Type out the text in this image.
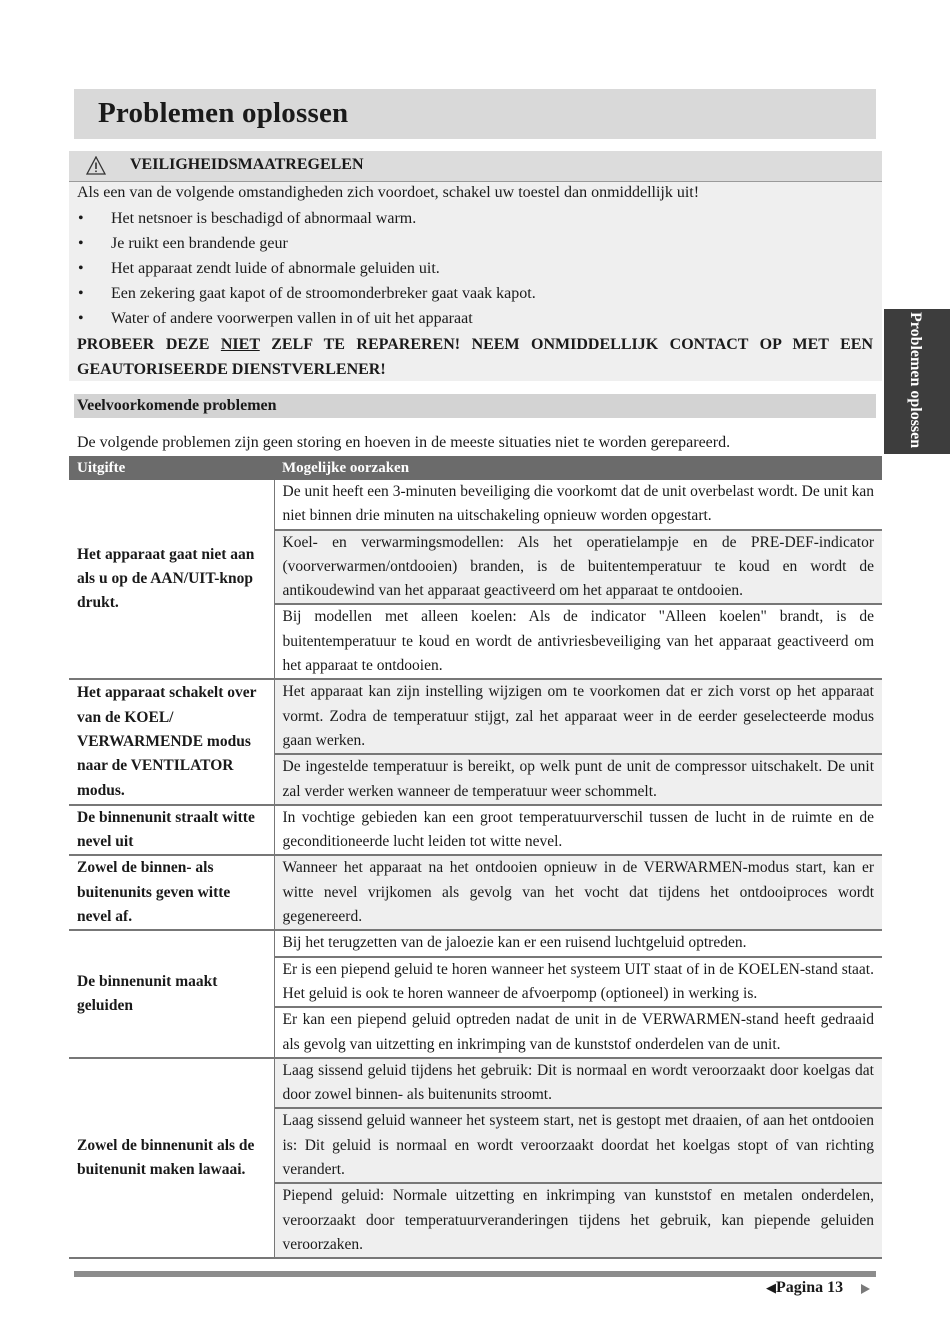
Problemen oplossen
VEILIGHEIDSMAATREGELEN
Als een van de volgende omstandigheden zich voordoet, schakel uw toestel dan onmiddellijk uit!
• Het netsnoer is beschadigd of abnormaal warm.
• Je ruikt een brandende geur
• Het apparaat zendt luide of abnormale geluiden uit.
• Een zekering gaat kapot of de stroomonderbreker gaat vaak kapot.
• Water of andere voorwerpen vallen in of uit het apparaat
PROBEER DEZE NIET ZELF TE REPAREREN! NEEM ONMIDDELLIJK CONTACT OP MET EEN GEAUTORISEERDE DIENSTVERLENER!
Veelvoorkomende problemen
De volgende problemen zijn geen storing en hoeven in de meeste situaties niet te worden gerepareerd.
Uitgifte	Mogelijke oorzaken
Het apparaat gaat niet aan als u op de AAN/UIT-knop drukt.	De unit heeft een 3-minuten beveiliging die voorkomt dat de unit overbelast wordt. De unit kan niet binnen drie minuten na uitschakeling opnieuw worden opgestart.
	Koel- en verwarmingsmodellen: Als het operatielampje en de PRE-DEF-indicator (voorverwarmen/ontdooien) branden, is de buitentemperatuur te koud en wordt de antikoudewind van het apparaat geactiveerd om het apparaat te ontdooien.
	Bij modellen met alleen koelen: Als de indicator "Alleen koelen" brandt, is de buitentemperatuur te koud en wordt de antivriesbeveiliging van het apparaat geactiveerd om het apparaat te ontdooien.
Het apparaat schakelt over van de KOEL/ VERWARMENDE modus naar de VENTILATOR modus.	Het apparaat kan zijn instelling wijzigen om te voorkomen dat er zich vorst op het apparaat vormt. Zodra de temperatuur stijgt, zal het apparaat weer in de eerder geselecteerde modus gaan werken.
	De ingestelde temperatuur is bereikt, op welk punt de unit de compressor uitschakelt. De unit zal verder werken wanneer de temperatuur weer schommelt.
De binnenunit straalt witte nevel uit	In vochtige gebieden kan een groot temperatuurverschil tussen de lucht in de ruimte en de geconditioneerde lucht leiden tot witte nevel.
Zowel de binnen- als buitenunits geven witte nevel af.	Wanneer het apparaat na het ontdooien opnieuw in de VERWARMEN-modus start, kan er witte nevel vrijkomen als gevolg van het vocht dat tijdens het ontdooiproces wordt gegenereerd.
De binnenunit maakt geluiden	Bij het terugzetten van de jaloezie kan er een ruisend luchtgeluid optreden.
	Er is een piepend geluid te horen wanneer het systeem UIT staat of in de KOELEN-stand staat. Het geluid is ook te horen wanneer de afvoerpomp (optioneel) in werking is.
	Er kan een piepend geluid optreden nadat de unit in de VERWARMEN-stand heeft gedraaid als gevolg van uitzetting en inkrimping van de kunststof onderdelen van de unit.
Zowel de binnenunit als de buitenunit maken lawaai.	Laag sissend geluid tijdens het gebruik: Dit is normaal en wordt veroorzaakt door koelgas dat door zowel binnen- als buitenunits stroomt.
	Laag sissend geluid wanneer het systeem start, net is gestopt met draaien, of aan het ontdooien is: Dit geluid is normaal en wordt veroorzaakt doordat het koelgas stopt of van richting verandert.
	Piepend geluid: Normale uitzetting en inkrimping van kunststof en metalen onderdelen, veroorzaakt door temperatuurveranderingen tijdens het gebruik, kan piepende geluiden veroorzaken.
Problemen oplossen
◀Pagina 13
